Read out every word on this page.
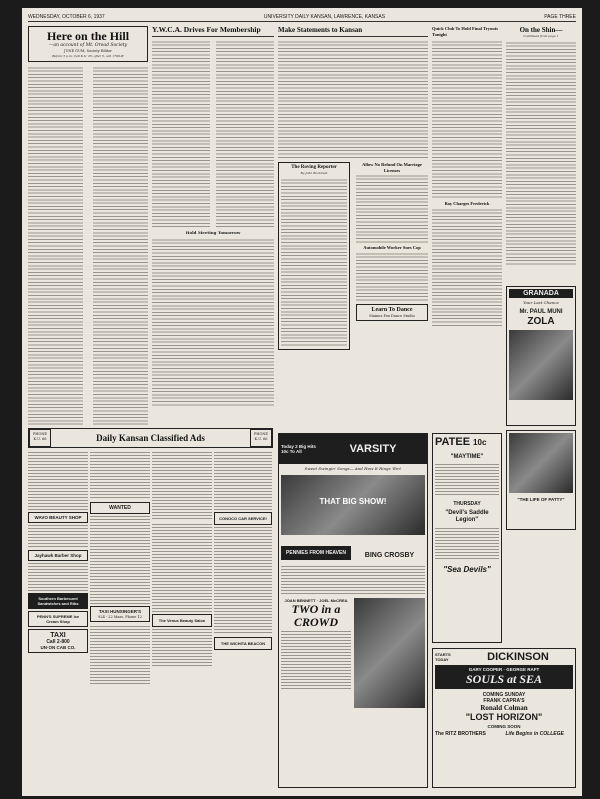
WEDNESDAY, OCTOBER 6, 1937	UNIVERSITY DAILY KANSAN, LAWRENCE, KANSAS	PAGE THREE
Here on the Hill
—an account of Mt. Oread Society
JUNE GUM, Society Editor
Before 5 p.m. Call K.U. 25, after 5, call 1799-W
Y.W.C.A. Drives For Membership
Hold Meeting Tomorrow
Make Statements to Kansan
The Roving Reporter
By John Bookman
Allow No Refund On Marriage Licenses
Automobile Worker Sues Cop
Learn To Dance
Mainus Fox Dance Studio
Quick Club To Hold Final Tryouts Tonight
Bay Charges Frederick
On the Shin—
Continued from page 1
GRANADA
Your Last Chance
Mr. PAUL MUNI
ZOLA
PHONE K.U. 66	Daily Kansan Classified Ads	PHONE K.U. 66
WAVO BEAUTY SHOP
Jayhawk Barber Shop
Southern Barbecued Sandwiches and Ribs
PENN'S SUPREME Ice Cream Shop
TAXI
Call 2-800
UN·ON CAB CO.
WANTED
TAXI HUNSINGER'S
924 - 22 Mass. Phone 12
The Venus Beauty Salon
CONOCO CAR SERVICE!
THE WICHITA BEACON
Today 2 Big Hits 10c To All	VARSITY
Sweet Swingin' Songs— And How It Rings 'Em!
THAT BIG SHOW!
PENNIES FROM HEAVEN	BING CROSBY
JOAN BENNETT · JOEL McCREA
TWO in a CROWD
PATEE 10c
"MAYTIME"
THURSDAY
"Devil's Saddle Legion"
"Sea Devils"
"THE LIFE OF PATTY"
STARTS TODAY	DICKINSON
GARY COOPER · GEORGE RAFT
SOULS at SEA
COMING SUNDAY
FRANK CAPRA'S
Ronald Colman
"LOST HORIZON"
COMING SOON
The RITZ BROTHERS	Life Begins in COLLEGE
